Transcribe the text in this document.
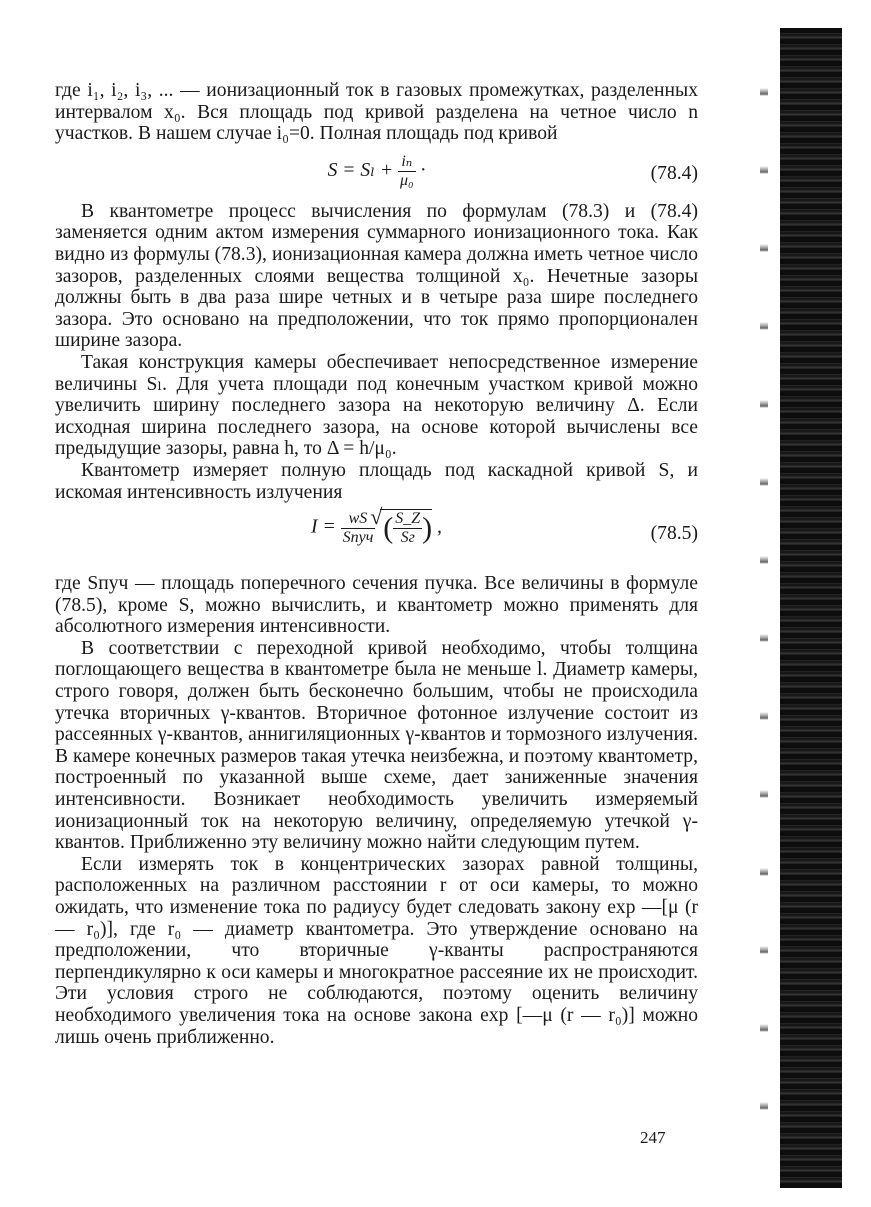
где i₁, i₂, i₃, ... — ионизационный ток в газовых промежутках, разделенных интервалом x₀. Вся площадь под кривой разделена на четное число n участков. В нашем случае i₀=0. Полная площадь под кривой

$S = S_l + \frac{\text{iₙ}}{\text{μ₀}}$ ·	(78.4)

В квантометре процесс вычисления по формулам (78.3) и (78.4) заменяется одним актом измерения суммарного ионизационного тока. Как видно из формулы (78.3), ионизационная камера должна иметь четное число зазоров, разделенных слоями вещества толщиной x₀. Нечетные зазоры должны быть в два раза шире четных и в четыре раза шире последнего зазора. Это основано на предположении, что ток прямо пропорционален ширине зазора.

Такая конструкция камеры обеспечивает непосредственное измерение величины Sₗ. Для учета площади под конечным участком кривой можно увеличить ширину последнего зазора на некоторую величину Δ. Если исходная ширина последнего зазора, на основе которой вычислены все предыдущие зазоры, равна h, то Δ = h/μ₀.

Квантометр измеряет полную площадь под каскадной кривой S, и искомая интенсивность излучения

$I = \frac{wS}{\text{Sпуч}}$
√ ( $\frac{S\_Z}{Sг}$ ) ,	(78.5)

где Sпуч — площадь поперечного сечения пучка. Все величины в формуле (78.5), кроме S, можно вычислить, и квантометр можно применять для абсолютного измерения интенсивности.

В соответствии с переходной кривой необходимо, чтобы толщина поглощающего вещества в квантометре была не меньше l. Диаметр камеры, строго говоря, должен быть бесконечно большим, чтобы не происходила утечка вторичных γ-квантов. Вторичное фотонное излучение состоит из рассеянных γ-квантов, аннигиляционных γ-квантов и тормозного излучения. В камере конечных размеров такая утечка неизбежна, и поэтому квантометр, построенный по указанной выше схеме, дает заниженные значения интенсивности. Возникает необходимость увеличить измеряемый ионизационный ток на некоторую величину, определяемую утечкой γ-квантов. Приближенно эту величину можно найти следующим путем.

Если измерять ток в концентрических зазорах равной толщины, расположенных на различном расстоянии r от оси камеры, то можно ожидать, что изменение тока по радиусу будет следовать закону exp —[μ (r — r₀)], где r₀ — диаметр квантометра. Это утверждение основано на предположении, что вторичные γ-кванты распространяются перпендикулярно к оси камеры и многократное рассеяние их не происходит. Эти условия строго не соблюдаются, поэтому оценить величину необходимого увеличения тока на основе закона exp [—μ (r — r₀)] можно лишь очень приближенно.

247
